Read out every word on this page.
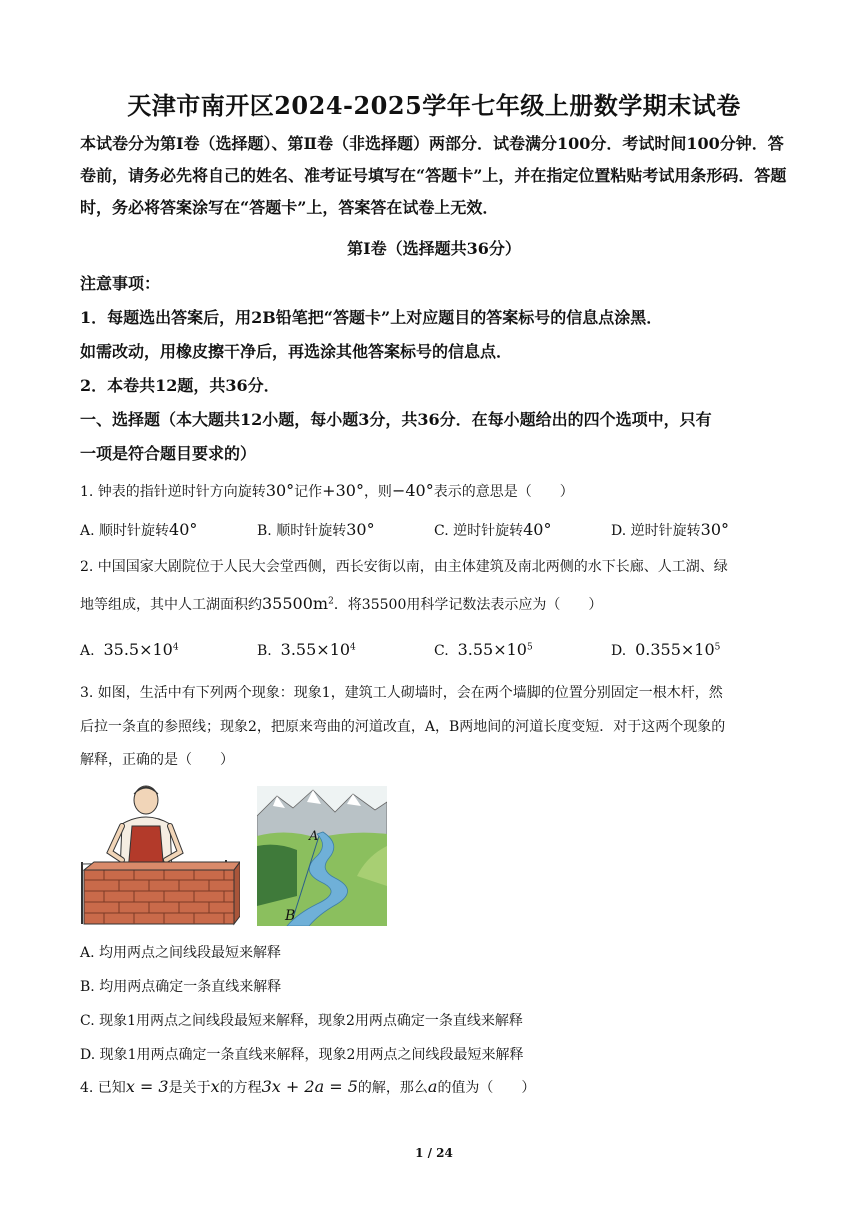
天津市南开区2024-2025学年七年级上册数学期末试卷
本试卷分为第Ⅰ卷（选择题）、第Ⅱ卷（非选择题）两部分．试卷满分100分．考试时间100分钟．答卷前，请务必先将自己的姓名、准考证号填写在“答题卡”上，并在指定位置粘贴考试用条形码．答题时，务必将答案涂写在“答题卡”上，答案答在试卷上无效．
第Ⅰ卷（选择题共36分）
注意事项：
1．每题选出答案后，用2B铅笔把“答题卡”上对应题目的答案标号的信息点涂黑．
如需改动，用橡皮擦干净后，再选涂其他答案标号的信息点．
2．本卷共12题，共36分．
一、选择题（本大题共12小题，每小题3分，共36分．在每小题给出的四个选项中，只有
一项是符合题目要求的）
1. 钟表的指针逆时针方向旋转30°记作+30°，则−40°表示的意思是（　　）
A. 顺时针旋转40°	B. 顺时针旋转30°	C. 逆时针旋转40°	D. 逆时针旋转30°
2. 中国国家大剧院位于人民大会堂西侧，西长安街以南，由主体建筑及南北两侧的水下长廊、人工湖、绿
地等组成，其中人工湖面积约$35500m^2$．将35500用科学记数法表示应为（　　）
A. $35.5\times 10^4$	B. $3.55\times 10^4$	C. $3.55\times 10^5$	D. $0.355\times 10^5$
3. 如图，生活中有下列两个现象：现象1，建筑工人砌墙时，会在两个墙脚的位置分别固定一根木杆，然
后拉一条直的参照线；现象2，把原来弯曲的河道改直，A，B两地间的河道长度变短．对于这两个现象的
解释，正确的是（　　）
A
B
A. 均用两点之间线段最短来解释
B. 均用两点确定一条直线来解释
C. 现象1用两点之间线段最短来解释，现象2用两点确定一条直线来解释
D. 现象1用两点确定一条直线来解释，现象2用两点之间线段最短来解释
4. 已知x = 3是关于x的方程3x + 2a = 5的解，那么a的值为（　　）
1 / 24
